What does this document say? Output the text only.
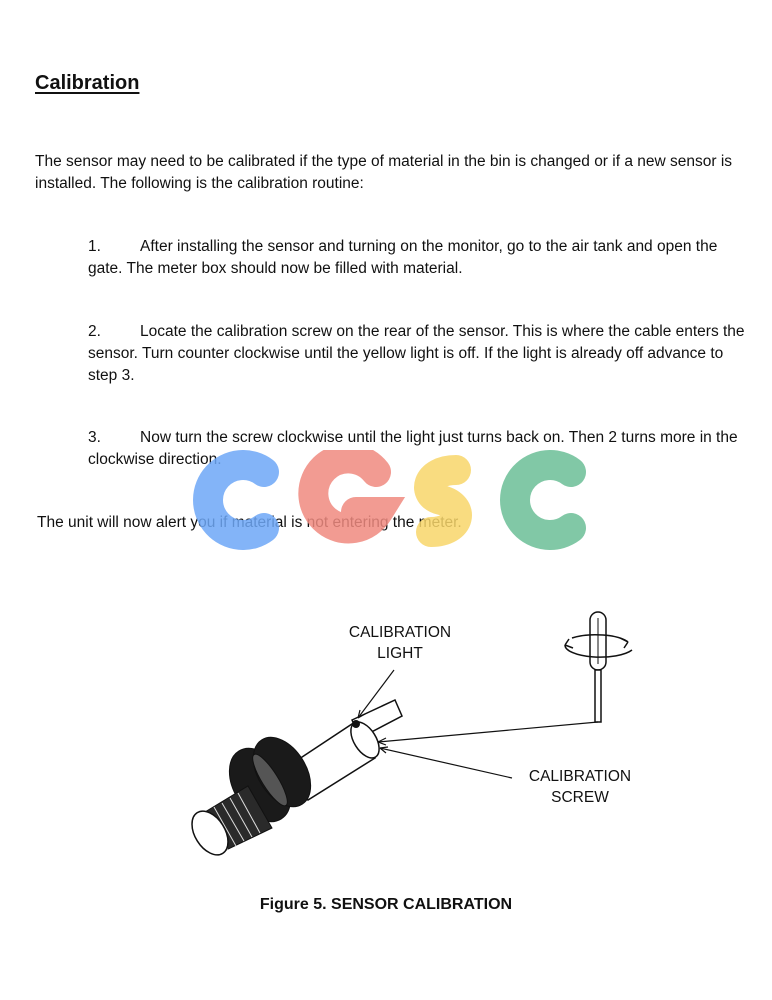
Calibration
The sensor may need to be calibrated if the type of material in the bin is changed or if a new sensor is installed. The following is the calibration routine:
1.	After installing the sensor and turning on the monitor, go to the air tank and open the gate. The meter box should now be filled with material.
2.	Locate the calibration screw on the rear of the sensor. This is where the cable enters the sensor. Turn counter clockwise until the yellow light is off. If the light is already off advance to step 3.
3.	Now turn the screw clockwise until the light just turns back on. Then 2 turns more in the clockwise direction.
The unit will now alert you if material is not entering the meter.
CALIBRATION
LIGHT
CALIBRATION
SCREW
Figure 5. SENSOR CALIBRATION
